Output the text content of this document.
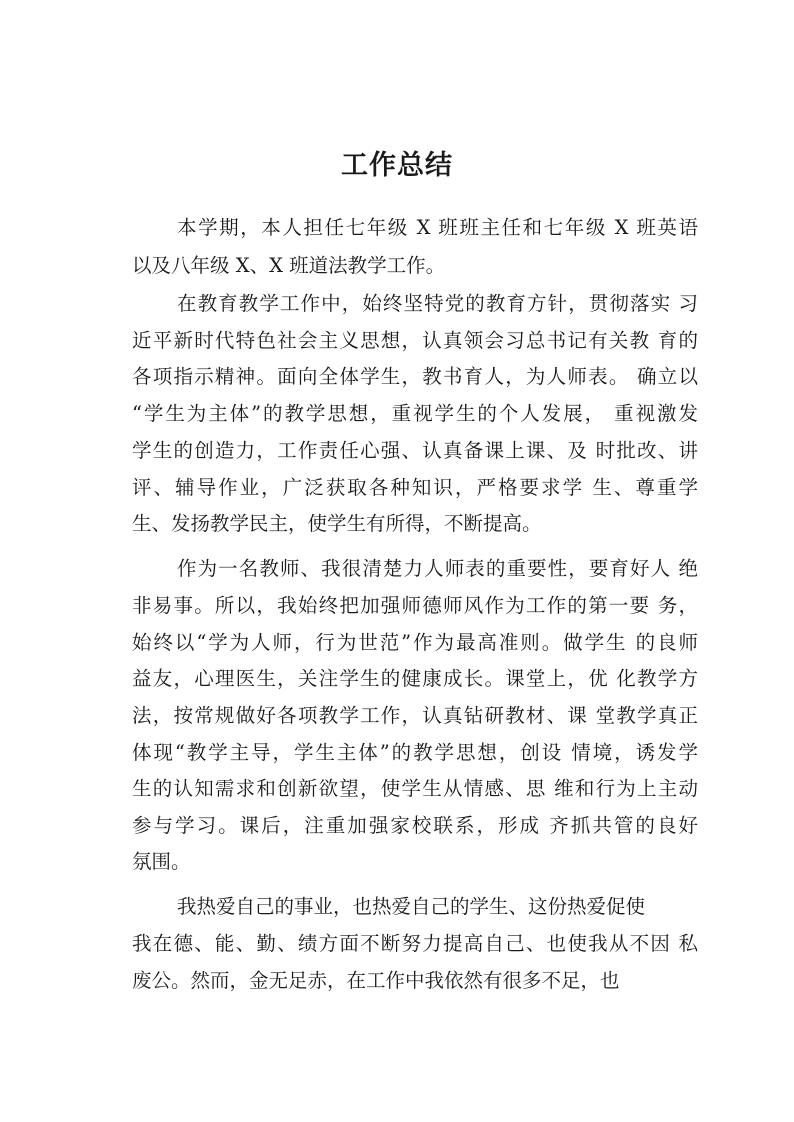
工作总结

本学期，本人担任七年级 X 班班主任和七年级 X 班英语

以及八年级 X、X 班道法教学工作。

在教育教学工作中，始终坚特党的教育方针，贯彻落实 习

近平新时代特色社会主义思想，认真领会习总书记有关教 育的

各项指示精神。面向全体学生，教书育人，为人师表。 确立以

“学生为主体”的教学思想，重视学生的个人发展， 重视激发

学生的创造力，工作责任心强、认真备课上课、及 时批改、讲

评、辅导作业，广泛获取各种知识，严格要求学 生、尊重学

生、发扬教学民主，使学生有所得，不断提高。

作为一名教师、我很清楚力人师表的重要性，要育好人 绝

非易事。所以，我始终把加强师德师风作为工作的第一要 务，

始终以“学为人师，行为世范”作为最高准则。做学生 的良师

益友，心理医生，关注学生的健康成长。课堂上，优 化教学方

法，按常规做好各项教学工作，认真钻研教材、课 堂教学真正

体现“教学主导，学生主体”的教学思想，创设 情境，诱发学

生的认知需求和创新欲望，使学生从情感、思 维和行为上主动

参与学习。课后，注重加强家校联系，形成 齐抓共管的良好

氛围。

我热爱自己的事业，也热爱自己的学生、这份热爱促使

我在德、能、勤、绩方面不断努力提高自己、也使我从不因 私

废公。然而，金无足赤，在工作中我依然有很多不足，也
